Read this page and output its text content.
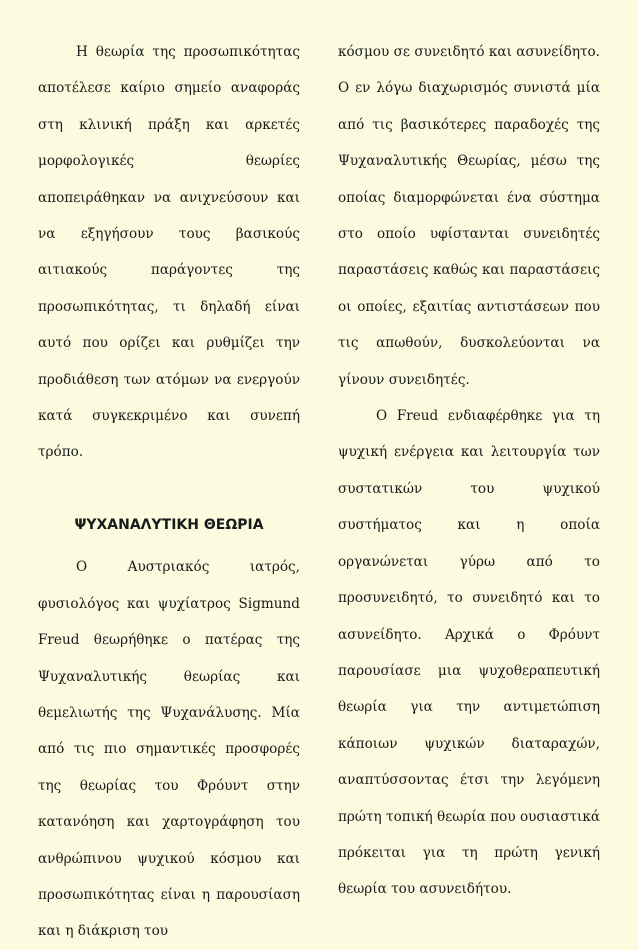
Η θεωρία της προσωπικότητας αποτέλεσε καίριο σημείο αναφοράς στη κλινική πράξη και αρκετές μορφολογικές θεωρίες αποπειράθηκαν να ανιχνεύσουν και να εξηγήσουν τους βασικούς αιτιακούς παράγοντες της προσωπικότητας, τι δηλαδή είναι αυτό που ορίζει και ρυθμίζει την προδιάθεση των ατόμων να ενεργούν κατά συγκεκριμένο και συνεπή τρόπο.

ΨΥΧΑΝΑΛΥΤΙΚΗ ΘΕΩΡΙΑ

Ο Αυστριακός ιατρός, φυσιολόγος και ψυχίατρος Sigmund Freud θεωρήθηκε ο πατέρας της Ψυχαναλυτικής θεωρίας και θεμελιωτής της Ψυχανάλυσης. Μία από τις πιο σημαντικές προσφορές της θεωρίας του Φρόυντ στην κατανόηση και χαρτογράφηση του ανθρώπινου ψυχικού κόσμου και προσωπικότητας είναι η παρουσίαση και η διάκριση του

κόσμου σε συνειδητό και ασυνείδητο. Ο εν λόγω διαχωρισμός συνιστά μία από τις βασικότερες παραδοχές της Ψυχαναλυτικής Θεωρίας, μέσω της οποίας διαμορφώνεται ένα σύστημα στο οποίο υφίστανται συνειδητές παραστάσεις καθώς και παραστάσεις οι οποίες, εξαιτίας αντιστάσεων που τις απωθούν, δυσκολεύονται να γίνουν συνειδητές.

Ο Freud ενδιαφέρθηκε για τη ψυχική ενέργεια και λειτουργία των συστατικών του ψυχικού συστήματος και η οποία οργανώνεται γύρω από το προσυνειδητό, το συνειδητό και το ασυνείδητο. Αρχικά ο Φρόυντ παρουσίασε μια ψυχοθεραπευτική θεωρία για την αντιμετώπιση κάποιων ψυχικών διαταραχών, αναπτύσσοντας έτσι την λεγόμενη πρώτη τοπική θεωρία που ουσιαστικά πρόκειται για τη πρώτη γενική θεωρία του ασυνειδήτου.
